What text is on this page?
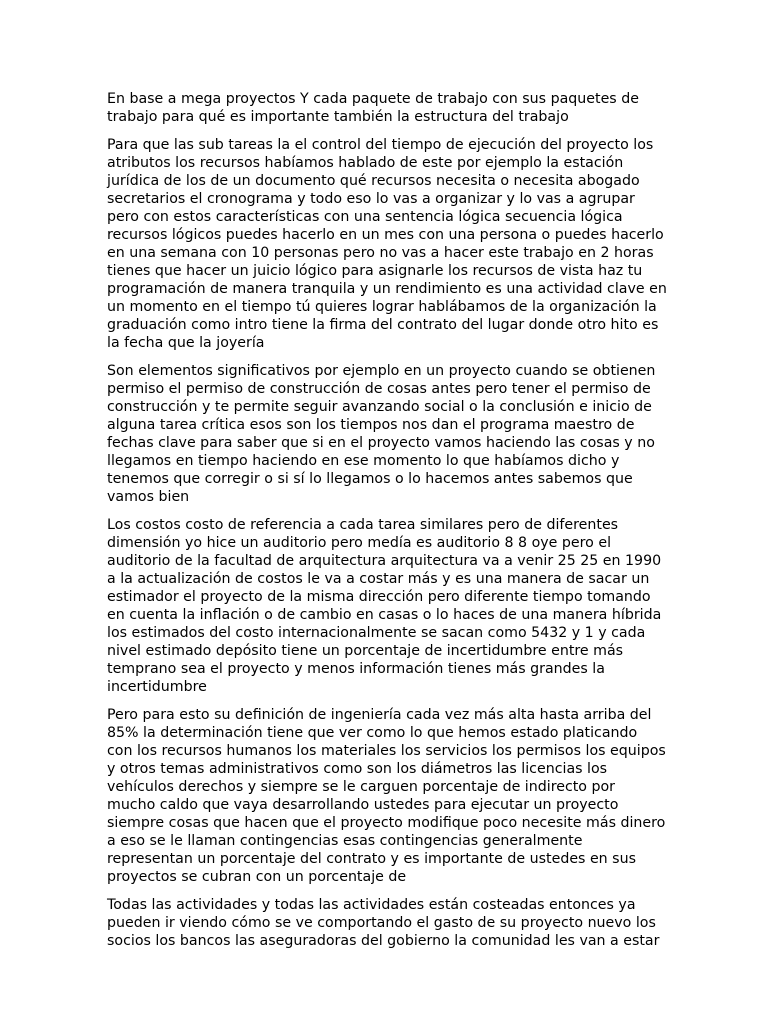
En base a mega proyectos Y cada paquete de trabajo con sus paquetes de trabajo para qué es importante también la estructura del trabajo

Para que las sub tareas la el control del tiempo de ejecución del proyecto los atributos los recursos habíamos hablado de este por ejemplo la estación jurídica de los de un documento qué recursos necesita o necesita abogado secretarios el cronograma y todo eso lo vas a organizar y lo vas a agrupar pero con estos características con una sentencia lógica secuencia lógica recursos lógicos puedes hacerlo en un mes con una persona o puedes hacerlo en una semana con 10 personas pero no vas a hacer este trabajo en 2 horas tienes que hacer un juicio lógico para asignarle los recursos de vista haz tu programación de manera tranquila y un rendimiento es una actividad clave en un momento en el tiempo tú quieres lograr hablábamos de la organización la graduación como intro tiene la firma del contrato del lugar donde otro hito es la fecha que la joyería

Son elementos significativos por ejemplo en un proyecto cuando se obtienen permiso el permiso de construcción de cosas antes pero tener el permiso de construcción y te permite seguir avanzando social o la conclusión e inicio de alguna tarea crítica esos son los tiempos nos dan el programa maestro de fechas clave para saber que si en el proyecto vamos haciendo las cosas y no llegamos en tiempo haciendo en ese momento lo que habíamos dicho y tenemos que corregir o si sí lo llegamos o lo hacemos antes sabemos que vamos bien

Los costos costo de referencia a cada tarea similares pero de diferentes dimensión yo hice un auditorio pero medía es auditorio 8 8 oye pero el auditorio de la facultad de arquitectura arquitectura va a venir 25 25 en 1990 a la actualización de costos le va a costar más y es una manera de sacar un estimador el proyecto de la misma dirección pero diferente tiempo tomando en cuenta la inflación o de cambio en casas o lo haces de una manera híbrida los estimados del costo internacionalmente se sacan como 5432 y 1 y cada nivel estimado depósito tiene un porcentaje de incertidumbre entre más temprano sea el proyecto y menos información tienes más grandes la incertidumbre

Pero para esto su definición de ingeniería cada vez más alta hasta arriba del 85% la determinación tiene que ver como lo que hemos estado platicando con los recursos humanos los materiales los servicios los permisos los equipos y otros temas administrativos como son los diámetros las licencias los vehículos derechos y siempre se le carguen porcentaje de indirecto por mucho caldo que vaya desarrollando ustedes para ejecutar un proyecto siempre cosas que hacen que el proyecto modifique poco necesite más dinero a eso se le llaman contingencias esas contingencias generalmente representan un porcentaje del contrato y es importante de ustedes en sus proyectos se cubran con un porcentaje de

Todas las actividades y todas las actividades están costeadas entonces ya pueden ir viendo cómo se ve comportando el gasto de su proyecto nuevo los socios los bancos las aseguradoras del gobierno la comunidad les van a estar
